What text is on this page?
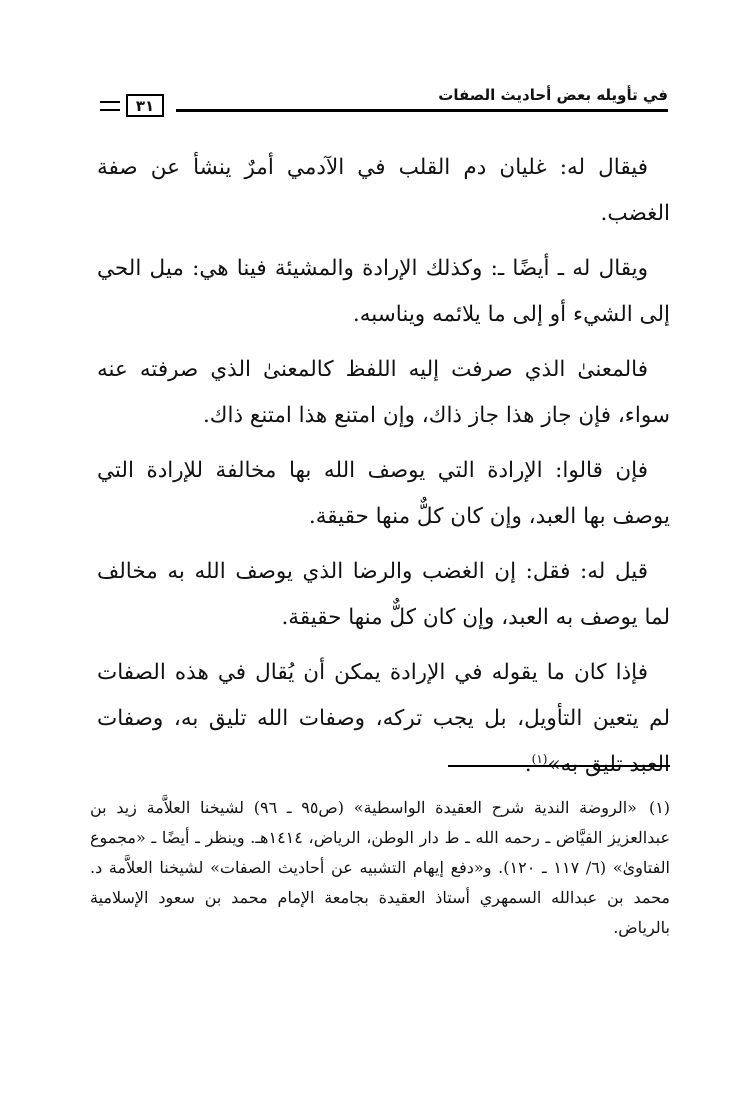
في تأويله بعض أحاديث الصفات
٣١

فيقال له: غليان دم القلب في الآدمي أمرٌ ينشأ عن صفة الغضب.

ويقال له ـ أيضًا ـ: وكذلك الإرادة والمشيئة فينا هي: ميل الحي إلى الشيء أو إلى ما يلائمه ويناسبه.

فالمعنىٰ الذي صرفت إليه اللفظ كالمعنىٰ الذي صرفته عنه سواء، فإن جاز هذا جاز ذاك، وإن امتنع هذا امتنع ذاك.

فإن قالوا: الإرادة التي يوصف الله بها مخالفة للإرادة التي يوصف بها العبد، وإن كان كلٌّ منها حقيقة.

قيل له: فقل: إن الغضب والرضا الذي يوصف الله به مخالف لما يوصف به العبد، وإن كان كلٌّ منها حقيقة.

فإذا كان ما يقوله في الإرادة يمكن أن يُقال في هذه الصفات لم يتعين التأويل، بل يجب تركه، وصفات الله تليق به، وصفات العبد تليق به»$^{(١)}$.

(١)«الروضة الندية شرح العقيدة الواسطية» (ص٩٥ ـ ٩٦) لشيخنا العلاَّمة زيد بن عبدالعزيز الفيَّاض ـ رحمه الله ـ ط دار الوطن، الرياض، ١٤١٤هـ. وينظر ـ أيضًا ـ «مجموع الفتاوىٰ» (٦/ ١١٧ ـ ١٢٠). و«دفع إيهام التشبيه عن أحاديث الصفات» لشيخنا العلاَّمة د. محمد بن عبدالله السمهري أستاذ العقيدة بجامعة الإمام محمد بن سعود الإسلامية بالرياض.
